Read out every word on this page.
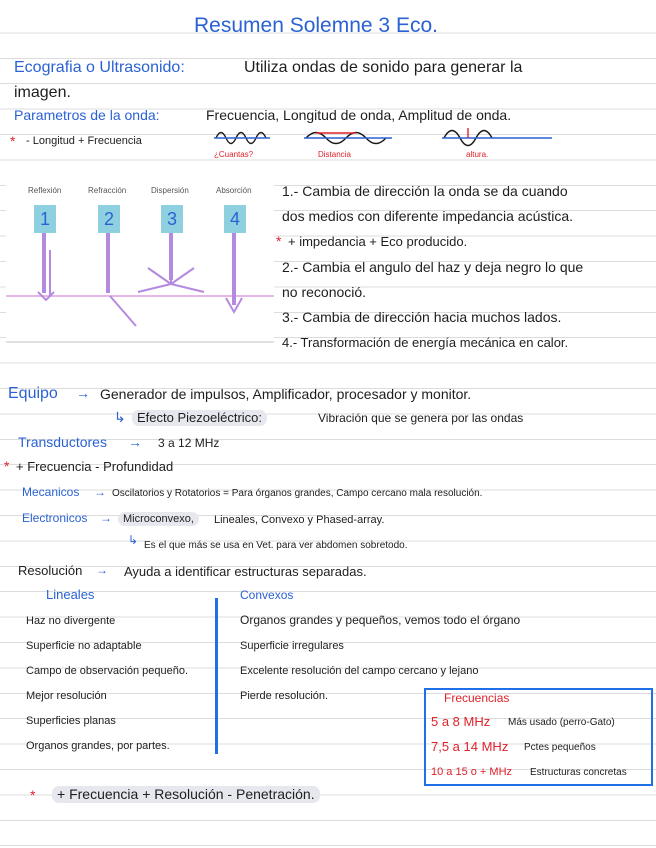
Resumen Solemne 3 Eco.
Ecografia o Ultrasonido:	Utiliza ondas de sonido para generar la
imagen.
Parametros de la onda:	Frecuencia, Longitud de onda, Amplitud de onda.
* - Longitud + Frecuencia
¿Cuantas?	Distancia	altura.
Reflexión	Refracción	Dispersión	Absorción
1	2	3	4
1.- Cambia de dirección la onda se da cuando
dos medios con diferente impedancia acústica.
* + impedancia + Eco producido.
2.- Cambia el angulo del haz y deja negro lo que
no reconoció.
3.- Cambia de dirección hacia muchos lados.
4.- Transformación de energía mecánica en calor.
Equipo → Generador de impulsos, Amplificador, procesador y monitor.
↳ Efecto Piezoeléctrico:	Vibración que se genera por las ondas
Transductores → 3 a 12 MHz
* + Frecuencia - Profundidad
Mecanicos → Oscilatorios y Rotatorios = Para órganos grandes, Campo cercano mala resolución.
Electronicos →	Microconvexo,	Lineales, Convexo y Phased-array.
↳ Es el que más se usa en Vet. para ver abdomen sobretodo.
Resolución → Ayuda a identificar estructuras separadas.
Lineales
Haz no divergente
Superficie no adaptable
Campo de observación pequeño.
Mejor resolución
Superficies planas
Organos grandes, por partes.
Convexos
Organos grandes y pequeños, vemos todo el órgano
Superficie irregulares
Excelente resolución del campo cercano y lejano
Pierde resolución.	Frecuencias
5 a 8 MHz Más usado (perro-Gato)
7,5 a 14 MHz Pctes pequeños
10 a 15 o + MHz Estructuras concretas
*	+ Frecuencia + Resolución - Penetración.
